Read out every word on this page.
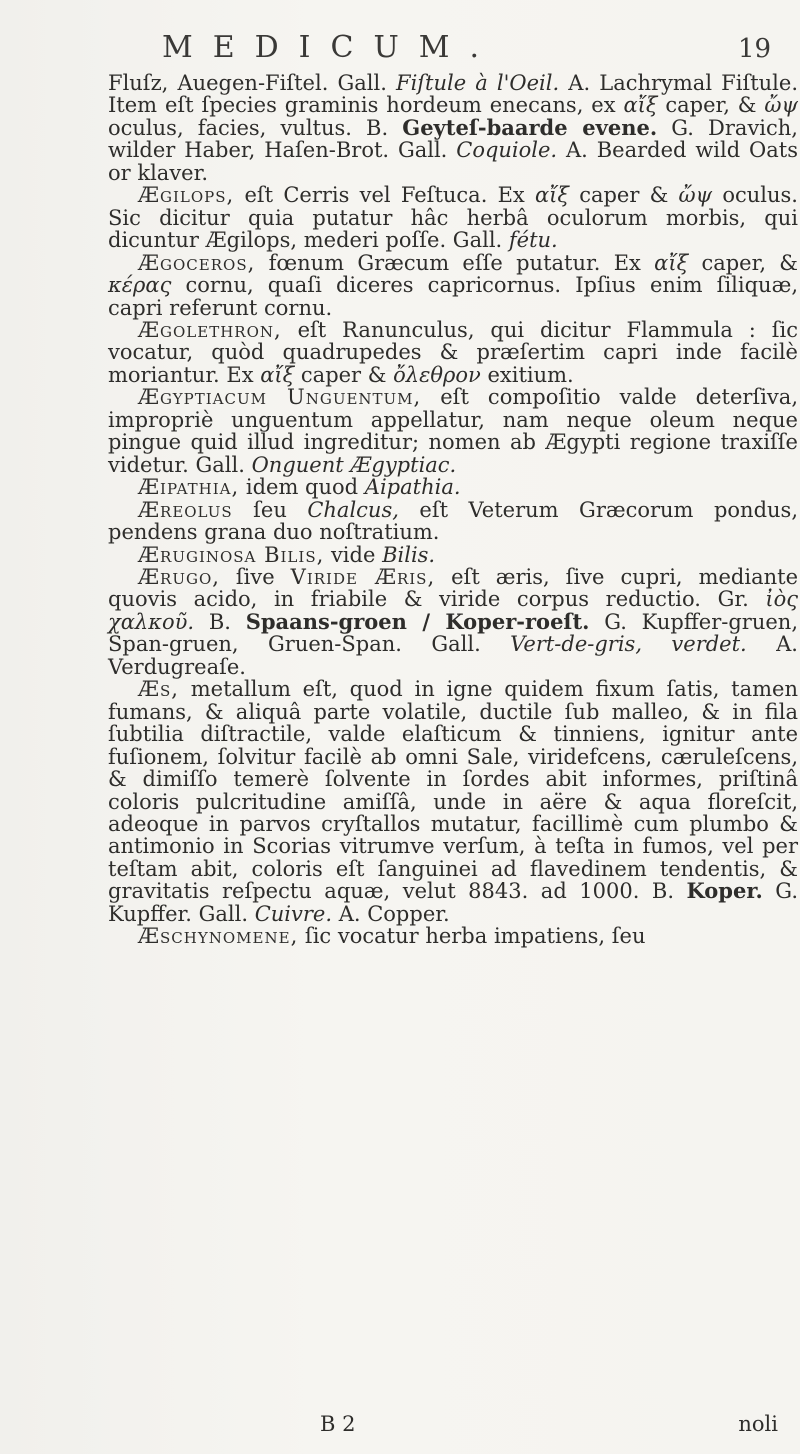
MEDICUM.	19

Fluſz, Auegen-Fiſtel. Gall. Fiſtule à l'Oeil. A. Lachrymal Fiſtule. Item eſt ſpecies graminis hordeum enecans, ex αἴξ caper, & ὤψ oculus, facies, vultus. B. Geyteſ-baarde evene. G. Dravich, wilder Haber, Haſen-Brot. Gall. Coquiole. A. Bearded wild Oats or klaver.

Ægilops, eſt Cerris vel Feſtuca. Ex αἴξ caper & ὤψ oculus. Sic dicitur quia putatur hâc herbâ oculorum morbis, qui dicuntur Ægilops, mederi poſſe. Gall. fétu.

Ægoceros, fœnum Græcum eſſe putatur. Ex αἴξ caper, & κέρας cornu, quaſi diceres capricornus. Ipſius enim ſiliquæ, capri referunt cornu.

Ægolethron, eſt Ranunculus, qui dicitur Flammula : ſic vocatur, quòd quadrupedes & præſertim capri inde facilè moriantur. Ex αἴξ caper & ὄλεθρον exitium.

Ægyptiacum Unguentum, eſt compoſitio valde deterſiva, impropriè unguentum appellatur, nam neque oleum neque pingue quid illud ingreditur; nomen ab Ægypti regione traxiſſe videtur. Gall. Onguent Ægyptiac.

Æipathia, idem quod Aipathia.

Æreolus ſeu Chalcus, eſt Veterum Græcorum pondus, pendens grana duo noſtratium.

Æruginosa Bilis, vide Bilis.

Ærugo, ſive Viride Æris, eſt æris, ſive cupri, mediante quovis acido, in friabile & viride corpus reductio. Gr. ἰὸς χαλκοῦ. B. Spaans-groen / Koper-roeſt. G. Kupffer-gruen, Span-gruen, Gruen-Span. Gall. Vert-de-gris, verdet. A. Verdugreaſe.

Æs, metallum eſt, quod in igne quidem fixum ſatis, tamen fumans, & aliquâ parte volatile, ductile ſub malleo, & in fila ſubtilia diſtractile, valde elaſticum & tinniens, ignitur ante fuſionem, ſolvitur facilè ab omni Sale, viridefcens, cæruleſcens, & dimiſſo temerè ſolvente in ſordes abit informes, priſtinâ coloris pulcritudine amiſſâ, unde in aëre & aqua floreſcit, adeoque in parvos cryſtallos mutatur, facillimè cum plumbo & antimonio in Scorias vitrumve verſum, à teſta in fumos, vel per teſtam abit, coloris eſt ſanguinei ad flavedinem tendentis, & gravitatis reſpectu aquæ, velut 8843. ad 1000. B. Koper. G. Kupffer. Gall. Cuivre. A. Copper.

Æschynomene, ſic vocatur herba impatiens, ſeu

B 2	noli
